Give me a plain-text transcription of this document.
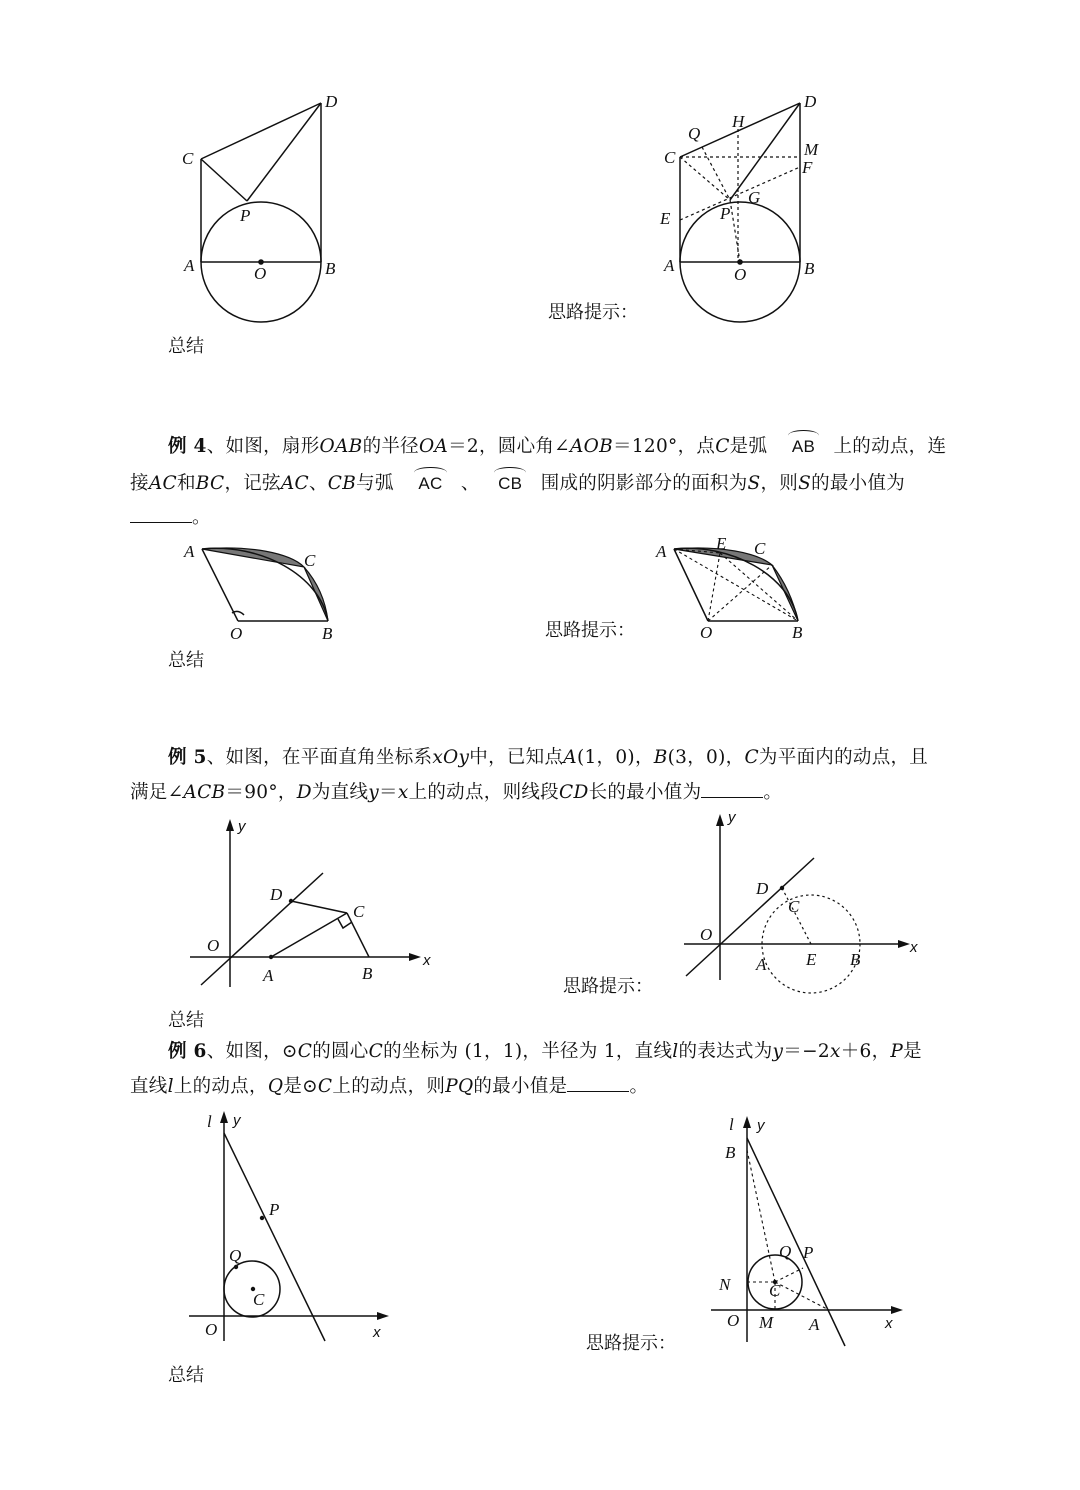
C
D
P
A	O	B
思路提示：
Q
H
D
C	M
F
G
E	P
A	O	B
总结
例 4、如图，扇形OAB的半径OA＝2，圆心角∠AOB＝120°，点C是弧 AB 上的动点，连
接AC和BC，记弦AC、CB与弧 AC 、 CB 围成的阴影部分的面积为S，则S的最小值为
。
A	C
O	B	思路提示：
A	E C
O	B
总结
例 5、如图，在平面直角坐标系xOy中，已知点A(1，0)，B(3，0)，C为平面内的动点，且
满足∠ACB＝90°，D为直线y＝x上的动点，则线段CD长的最小值为	。
y
x
O
D
C
A	B
思路提示：
y
x
O
D
C
A E B
总结
例 6、如图，⊙C的圆心C的坐标为 (1，1)，半径为 1，直线l的表达式为y＝−2x＋6，P是
直线l上的动点，Q是⊙C上的动点，则PQ的最小值是	。
l y
P
Q
C
O	x
思路提示：
l y
B
Q P
N C
O M A	x
总结
